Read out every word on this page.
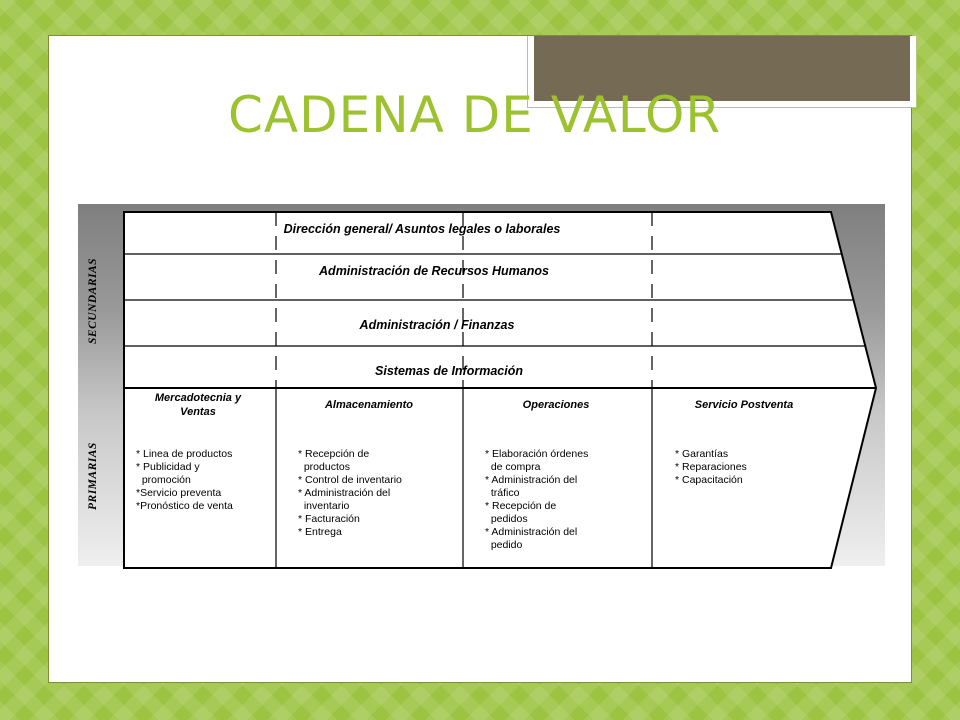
CADENA DE VALOR
SECUNDARIAS
PRIMARIAS
Dirección general/ Asuntos legales o laborales
Administración de Recursos Humanos
Administración / Finanzas
Sistemas de Información
Mercadotecnia y
Ventas
Almacenamiento	Operaciones	Servicio Postventa
* Linea de productos
* Publicidad y
promoción
*Servicio preventa
*Pronóstico de venta
* Recepción de
productos
* Control de inventario
* Administración del
inventario
* Facturación
* Entrega
* Elaboración órdenes
de compra
* Administración del
tráfico
* Recepción de
pedidos
* Administración del
pedido
* Garantías
* Reparaciones
* Capacitación
